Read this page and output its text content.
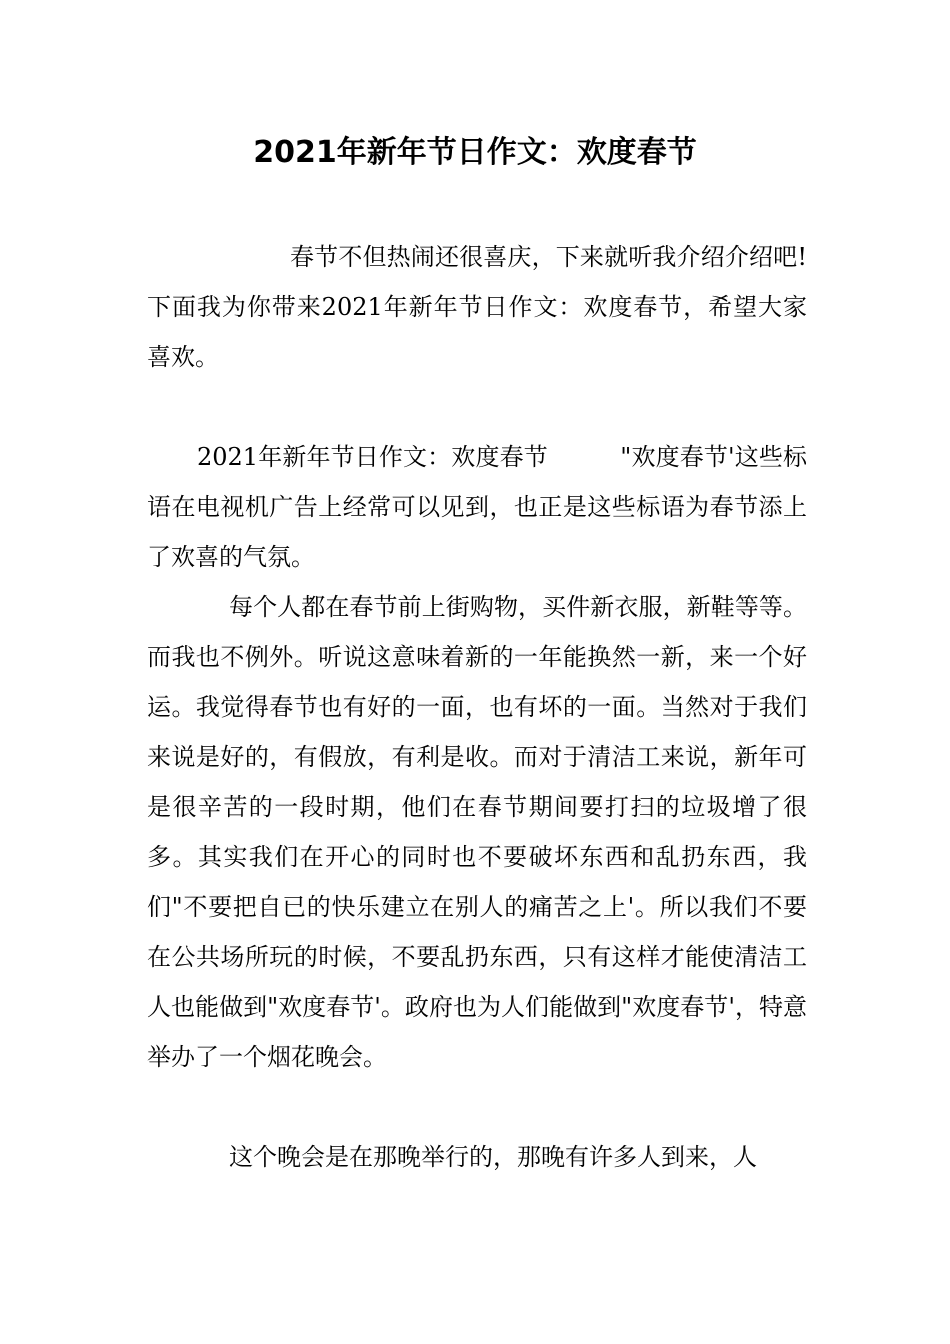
2021年新年节日作文：欢度春节

春节不但热闹还很喜庆，下来就听我介绍介绍吧!下面我为你带来2021年新年节日作文：欢度春节，希望大家喜欢。

2021年新年节日作文：欢度春节　　　"欢度春节'这些标语在电视机广告上经常可以见到，也正是这些标语为春节添上了欢喜的气氛。

每个人都在春节前上街购物，买件新衣服，新鞋等等。而我也不例外。听说这意味着新的一年能换然一新，来一个好运。我觉得春节也有好的一面，也有坏的一面。当然对于我们来说是好的，有假放，有利是收。而对于清洁工来说，新年可是很辛苦的一段时期，他们在春节期间要打扫的垃圾增了很多。其实我们在开心的同时也不要破坏东西和乱扔东西，我们"不要把自已的快乐建立在别人的痛苦之上'。所以我们不要在公共场所玩的时候，不要乱扔东西，只有这样才能使清洁工人也能做到"欢度春节'。政府也为人们能做到"欢度春节'，特意举办了一个烟花晚会。

这个晚会是在那晚举行的，那晚有许多人到来，人
